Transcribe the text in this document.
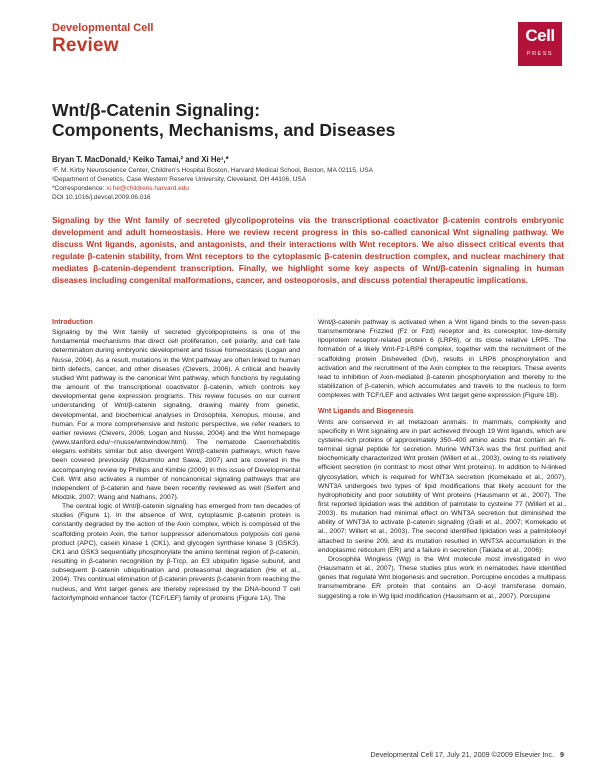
Developmental Cell
Review	Cell
PRESS
Wnt/β-Catenin Signaling:
Components, Mechanisms, and Diseases
Bryan T. MacDonald,¹ Keiko Tamai,² and Xi He¹,*
¹F. M. Kirby Neuroscience Center, Children’s Hospital Boston, Harvard Medical School, Boston, MA 02115, USA
²Department of Genetics, Case Western Reserve University, Cleveland, OH 44106, USA
*Correspondence: xi.he@childrens.harvard.edu
DOI 10.1016/j.devcel.2009.06.016
Signaling by the Wnt family of secreted glycolipoproteins via the transcriptional coactivator β-catenin controls embryonic development and adult homeostasis. Here we review recent progress in this so-called canonical Wnt signaling pathway. We discuss Wnt ligands, agonists, and antagonists, and their interactions with Wnt receptors. We also dissect critical events that regulate β-catenin stability, from Wnt receptors to the cytoplasmic β-catenin destruction complex, and nuclear machinery that mediates β-catenin-dependent transcription. Finally, we highlight some key aspects of Wnt/β-catenin signaling in human diseases including congenital malformations, cancer, and osteoporosis, and discuss potential therapeutic implications.
Introduction

Signaling by the Wnt family of secreted glycolipoproteins is one of the fundamental mechanisms that direct cell proliferation, cell polarity, and cell fate determination during embryonic development and tissue homeostasis (Logan and Nusse, 2004). As a result, mutations in the Wnt pathway are often linked to human birth defects, cancer, and other diseases (Clevers, 2006). A critical and heavily studied Wnt pathway is the canonical Wnt pathway, which functions by regulating the amount of the transcriptional coactivator β-catenin, which controls key developmental gene expression programs. This review focuses on our current understanding of Wnt/β-catenin signaling, drawing mainly from genetic, developmental, and biochemical analyses in Drosophila, Xenopus, mouse, and human. For a more comprehensive and historic perspective, we refer readers to earlier reviews (Clevers, 2006; Logan and Nusse, 2004) and the Wnt homepage (www.stanford.edu/~rnusse/wntwindow.html). The nematode Caenorhabditis elegans exhibits similar but also divergent Wnt/β-catenin pathways, which have been covered previously (Mizumoto and Sawa, 2007) and are covered in the accompanying review by Phillips and Kimble (2009) in this issue of Developmental Cell. Wnt also activates a number of noncanonical signaling pathways that are independent of β-catenin and have been recently reviewed as well (Seifert and Mlodzik, 2007; Wang and Nathans, 2007).

The central logic of Wnt/β-catenin signaling has emerged from two decades of studies (Figure 1). In the absence of Wnt, cytoplasmic β-catenin protein is constantly degraded by the action of the Axin complex, which is composed of the scaffolding protein Axin, the tumor suppressor adenomatous polyposis coli gene product (APC), casein kinase 1 (CK1), and glycogen synthase kinase 3 (GSK3). CK1 and GSK3 sequentially phosphorylate the amino terminal region of β-catenin, resulting in β-catenin recognition by β-Trcp, an E3 ubiquitin ligase subunit, and subsequent β-catenin ubiquitination and proteasomal degradation (He et al., 2004). This continual elimination of β-catenin prevents β-catenin from reaching the nucleus, and Wnt target genes are thereby repressed by the DNA-bound T cell factor/lymphoid enhancer factor (TCF/LEF) family of proteins (Figure 1A). The

Wnt/β-catenin pathway is activated when a Wnt ligand binds to the seven-pass transmembrane Frizzled (Fz or Fzd) receptor and its coreceptor, low-density lipoprotein receptor-related protein 6 (LRP6), or its close relative LRP5. The formation of a likely Wnt-Fz-LRP6 complex, together with the recruitment of the scaffolding protein Dishevelled (Dvl), results in LRP6 phosphorylation and activation and the recruitment of the Axin complex to the receptors. These events lead to inhibition of Axin-mediated β-catenin phosphorylation and thereby to the stabilization of β-catenin, which accumulates and travels to the nucleus to form complexes with TCF/LEF and activates Wnt target gene expression (Figure 1B).

Wnt Ligands and Biogenesis

Wnts are conserved in all metazoan animals. In mammals, complexity and specificity in Wnt signaling are in part achieved through 19 Wnt ligands, which are cysteine-rich proteins of approximately 350–400 amino acids that contain an N-terminal signal peptide for secretion. Murine WNT3A was the first purified and biochemically characterized Wnt protein (Willert et al., 2003), owing to its relatively efficient secretion (in contrast to most other Wnt proteins). In addition to N-linked glycosylation, which is required for WNT3A secretion (Komekado et al., 2007), WNT3A undergoes two types of lipid modifications that likely account for the hydrophobicity and poor solubility of Wnt proteins (Hausmann et al., 2007). The first reported lipidation was the addition of palmitate to cysteine 77 (Willert et al., 2003). Its mutation had minimal effect on WNT3A secretion but diminished the ability of WNT3A to activate β-catenin signaling (Galli et al., 2007; Komekado et al., 2007; Willert et al., 2003). The second identified lipidation was a palmitoleoyl attached to serine 209, and its mutation resulted in WNT3A accumulation in the endoplasmic reticulum (ER) and a failure in secretion (Takada et al., 2006).

Drosophila Wingless (Wg) is the Wnt molecule most investigated in vivo (Hausmann et al., 2007). These studies plus work in nematodes have identified genes that regulate Wnt biogenesis and secretion. Porcupine encodes a multipass transmembrane ER protein that contains an O-acyl transferase domain, suggesting a role in Wg lipid modification (Hausmann et al., 2007). Porcupine

Developmental Cell 17, July 21, 2009 ©2009 Elsevier Inc. 9
